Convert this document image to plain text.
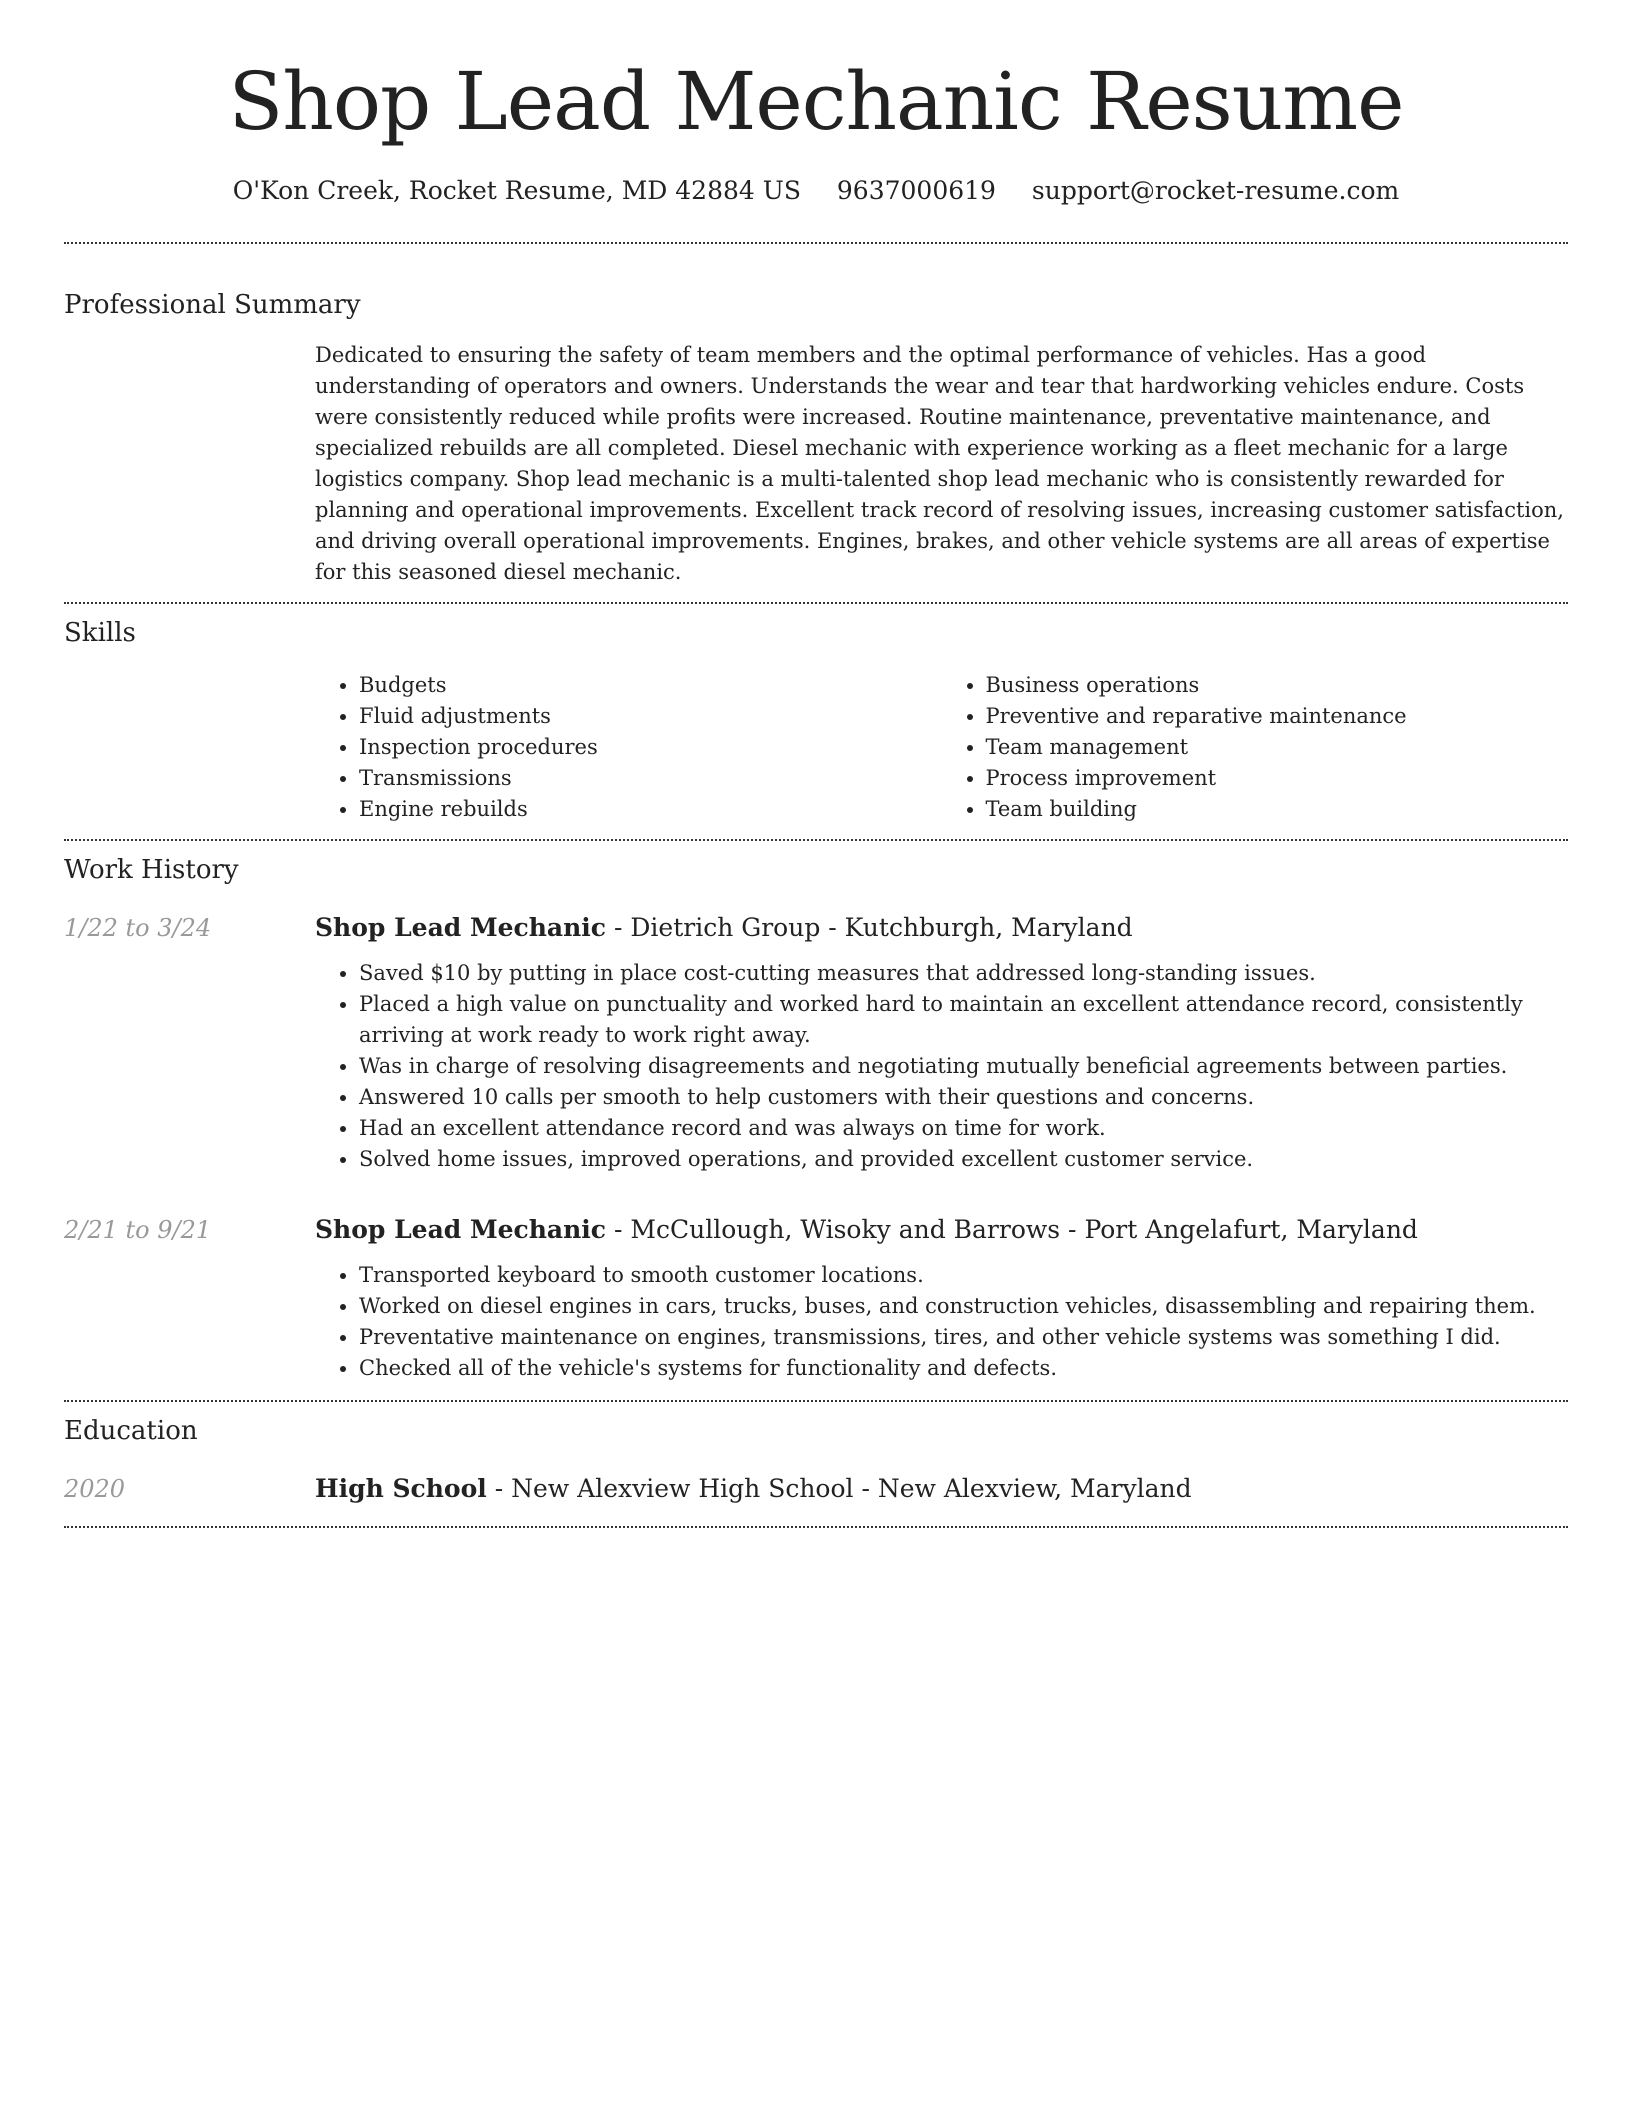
Shop Lead Mechanic Resume
O'Kon Creek, Rocket Resume, MD 42884 US 9637000619 support@rocket-resume.com
Professional Summary

Dedicated to ensuring the safety of team members and the optimal performance of vehicles. Has a good understanding of operators and owners. Understands the wear and tear that hardworking vehicles endure. Costs were consistently reduced while profits were increased. Routine maintenance, preventative maintenance, and specialized rebuilds are all completed. Diesel mechanic with experience working as a fleet mechanic for a large logistics company. Shop lead mechanic is a multi-talented shop lead mechanic who is consistently rewarded for planning and operational improvements. Excellent track record of resolving issues, increasing customer satisfaction, and driving overall operational improvements. Engines, brakes, and other vehicle systems are all areas of expertise for this seasoned diesel mechanic.

Skills
• Budgets
• Fluid adjustments
• Inspection procedures
• Transmissions
• Engine rebuilds
• Business operations
• Preventive and reparative maintenance
• Team management
• Process improvement
• Team building
Work History
1/22 to 3/24	Shop Lead Mechanic - Dietrich Group - Kutchburgh, Maryland
• Saved $10 by putting in place cost-cutting measures that addressed long-standing issues.
• Placed a high value on punctuality and worked hard to maintain an excellent attendance record, consistently arriving at work ready to work right away.
• Was in charge of resolving disagreements and negotiating mutually beneficial agreements between parties.
• Answered 10 calls per smooth to help customers with their questions and concerns.
• Had an excellent attendance record and was always on time for work.
• Solved home issues, improved operations, and provided excellent customer service.
2/21 to 9/21	Shop Lead Mechanic - McCullough, Wisoky and Barrows - Port Angelafurt, Maryland
• Transported keyboard to smooth customer locations.
• Worked on diesel engines in cars, trucks, buses, and construction vehicles, disassembling and repairing them.
• Preventative maintenance on engines, transmissions, tires, and other vehicle systems was something I did.
• Checked all of the vehicle's systems for functionality and defects.
Education
2020	High School - New Alexview High School - New Alexview, Maryland
